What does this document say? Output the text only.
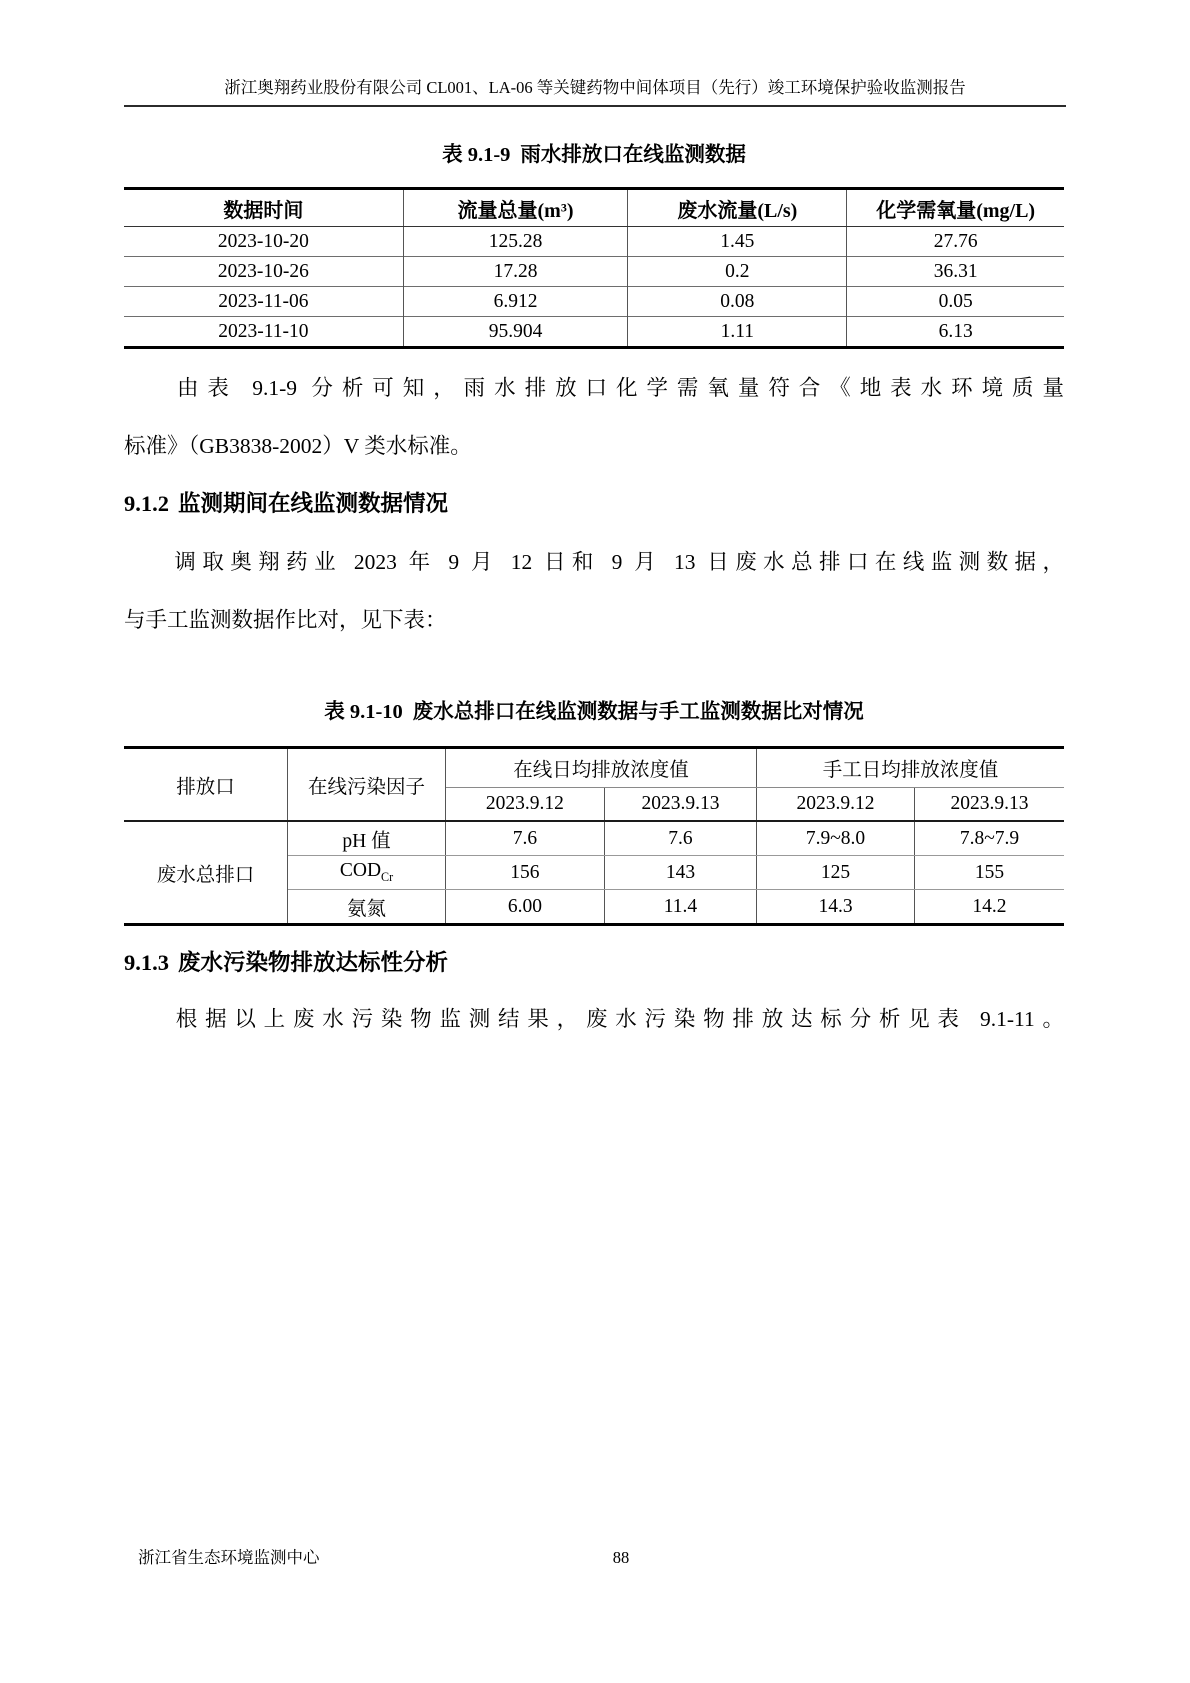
浙江奥翔药业股份有限公司 CL001、LA-06 等关键药物中间体项目（先行）竣工环境保护验收监测报告
表 9.1-9 雨水排放口在线监测数据
数据时间	流量总量(m³)	废水流量(L/s)	化学需氧量(mg/L)
2023-10-20	125.28	1.45	27.76
2023-10-26	17.28	0.2	36.31
2023-11-06	6.912	0.08	0.05
2023-11-10	95.904	1.11	6.13
由表 9.1-9 分析可知，雨水排放口化学需氧量符合《地表水环境质量
标准》（GB3838-2002）V 类水标准。
9.1.2 监测期间在线监测数据情况
调取奥翔药业 2023 年 9 月 12 日和 9 月 13 日废水总排口在线监测数据，
与手工监测数据作比对，见下表：
表 9.1-10 废水总排口在线监测数据与手工监测数据比对情况
排放口	在线污染因子	在线日均排放浓度值		手工日均排放浓度值	
		2023.9.12	2023.9.13	2023.9.12	2023.9.13
废水总排口	pH 值	7.6	7.6	7.9~8.0	7.8~7.9
	$COD_{Cr}$	156	143	125	155
	氨氮	6.00	11.4	14.3	14.2
9.1.3 废水污染物排放达标性分析
根据以上废水污染物监测结果，废水污染物排放达标分析见表 9.1-11。
浙江省生态环境监测中心	88
